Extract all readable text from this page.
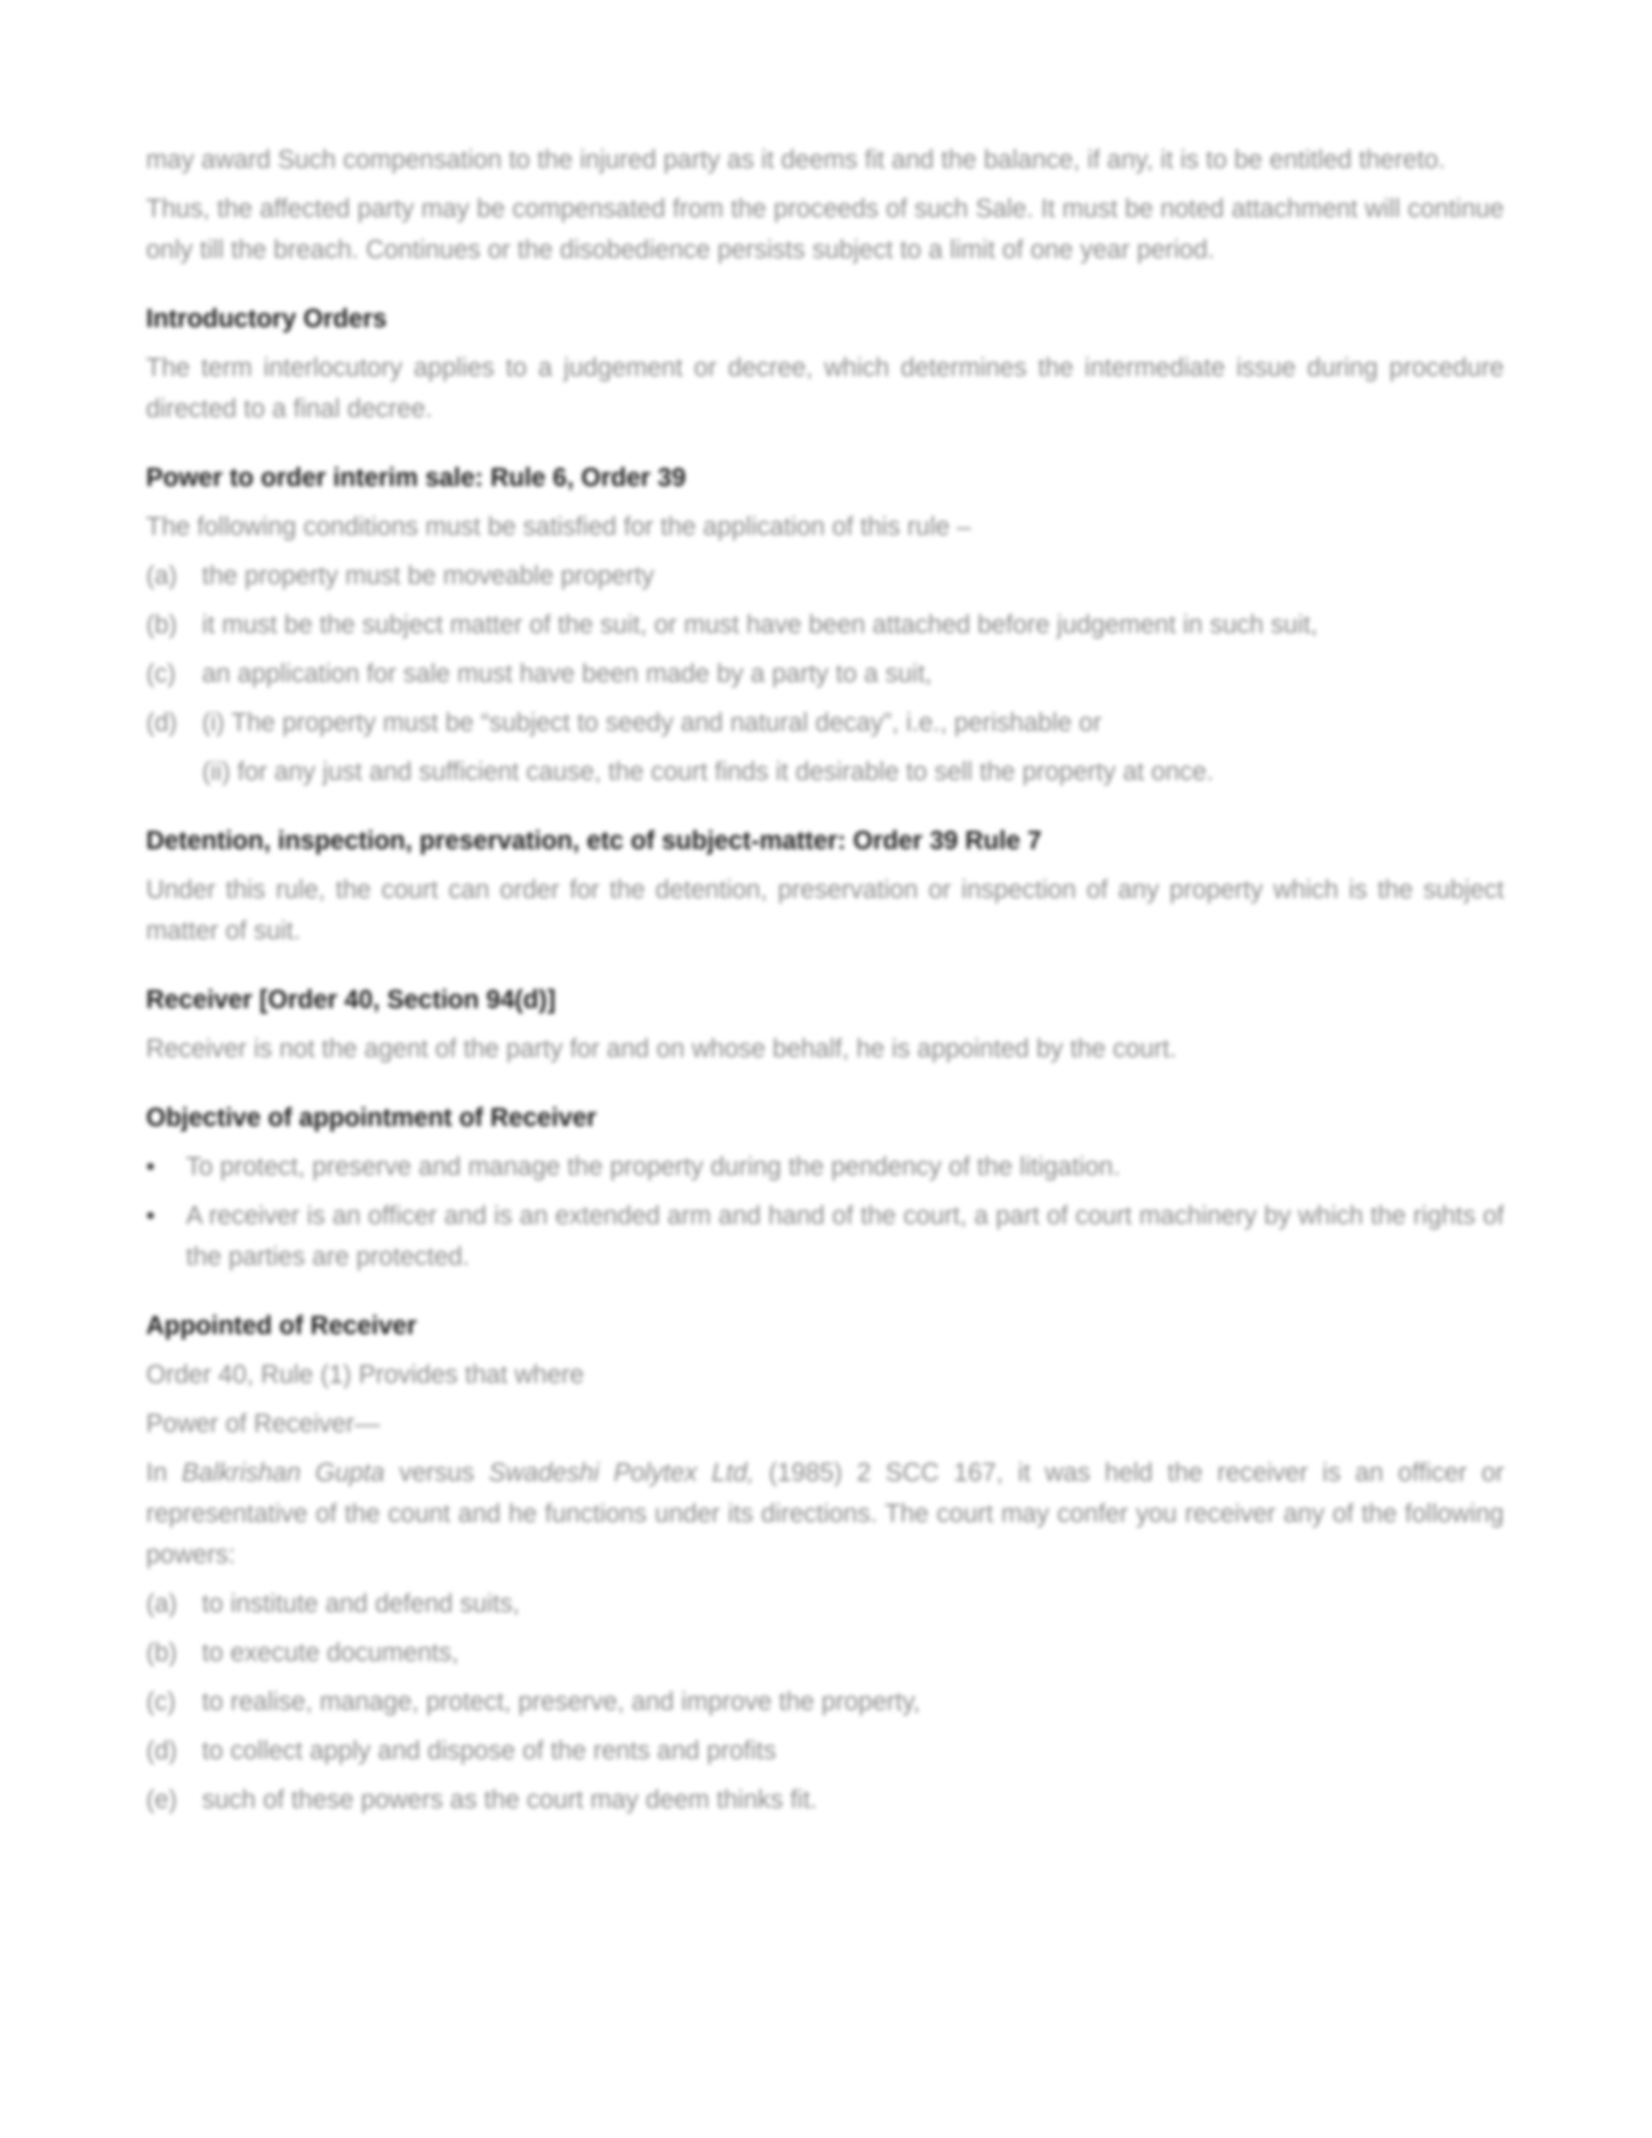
may award Such compensation to the injured party as it deems fit and the balance, if any, it is to be entitled thereto.

Thus, the affected party may be compensated from the proceeds of such Sale. It must be noted attachment will continue only till the breach. Continues or the disobedience persists subject to a limit of one year period.

Introductory Orders

The term interlocutory applies to a judgement or decree, which determines the intermediate issue during procedure directed to a final decree.

Power to order interim sale: Rule 6, Order 39

The following conditions must be satisfied for the application of this rule –

(a) the property must be moveable property
(b) it must be the subject matter of the suit, or must have been attached before judgement in such suit,
(c)	an application for sale must have been made by a party to a suit,
(d) (i) The property must be “subject to seedy and natural decay”, i.e., perishable or

(ii) for any just and sufficient cause, the court finds it desirable to sell the property at once.

Detention, inspection, preservation, etc of subject-matter: Order 39 Rule 7

Under this rule, the court can order for the detention, preservation or inspection of any property which is the subject matter of suit.

Receiver [Order 40, Section 94(d)]

Receiver is not the agent of the party for and on whose behalf, he is appointed by the court.

Objective of appointment of Receiver
•	To protect, preserve and manage the property during the pendency of the litigation.
•	A receiver is an officer and is an extended arm and hand of the court, a part of court machinery by which the rights of the parties are protected.
Appointed of Receiver

Order 40, Rule (1) Provides that where

Power of Receiver—

In Balkrishan Gupta versus Swadeshi Polytex Ltd, (1985) 2 SCC 167, it was held the receiver is an officer or representative of the count and he functions under its directions. The court may confer you receiver any of the following powers:

(a) to institute and defend suits,
(b) to execute documents,
(c)	to realise, manage, protect, preserve, and improve the property,
(d) to collect apply and dispose of the rents and profits
(e) such of these powers as the court may deem thinks fit.
